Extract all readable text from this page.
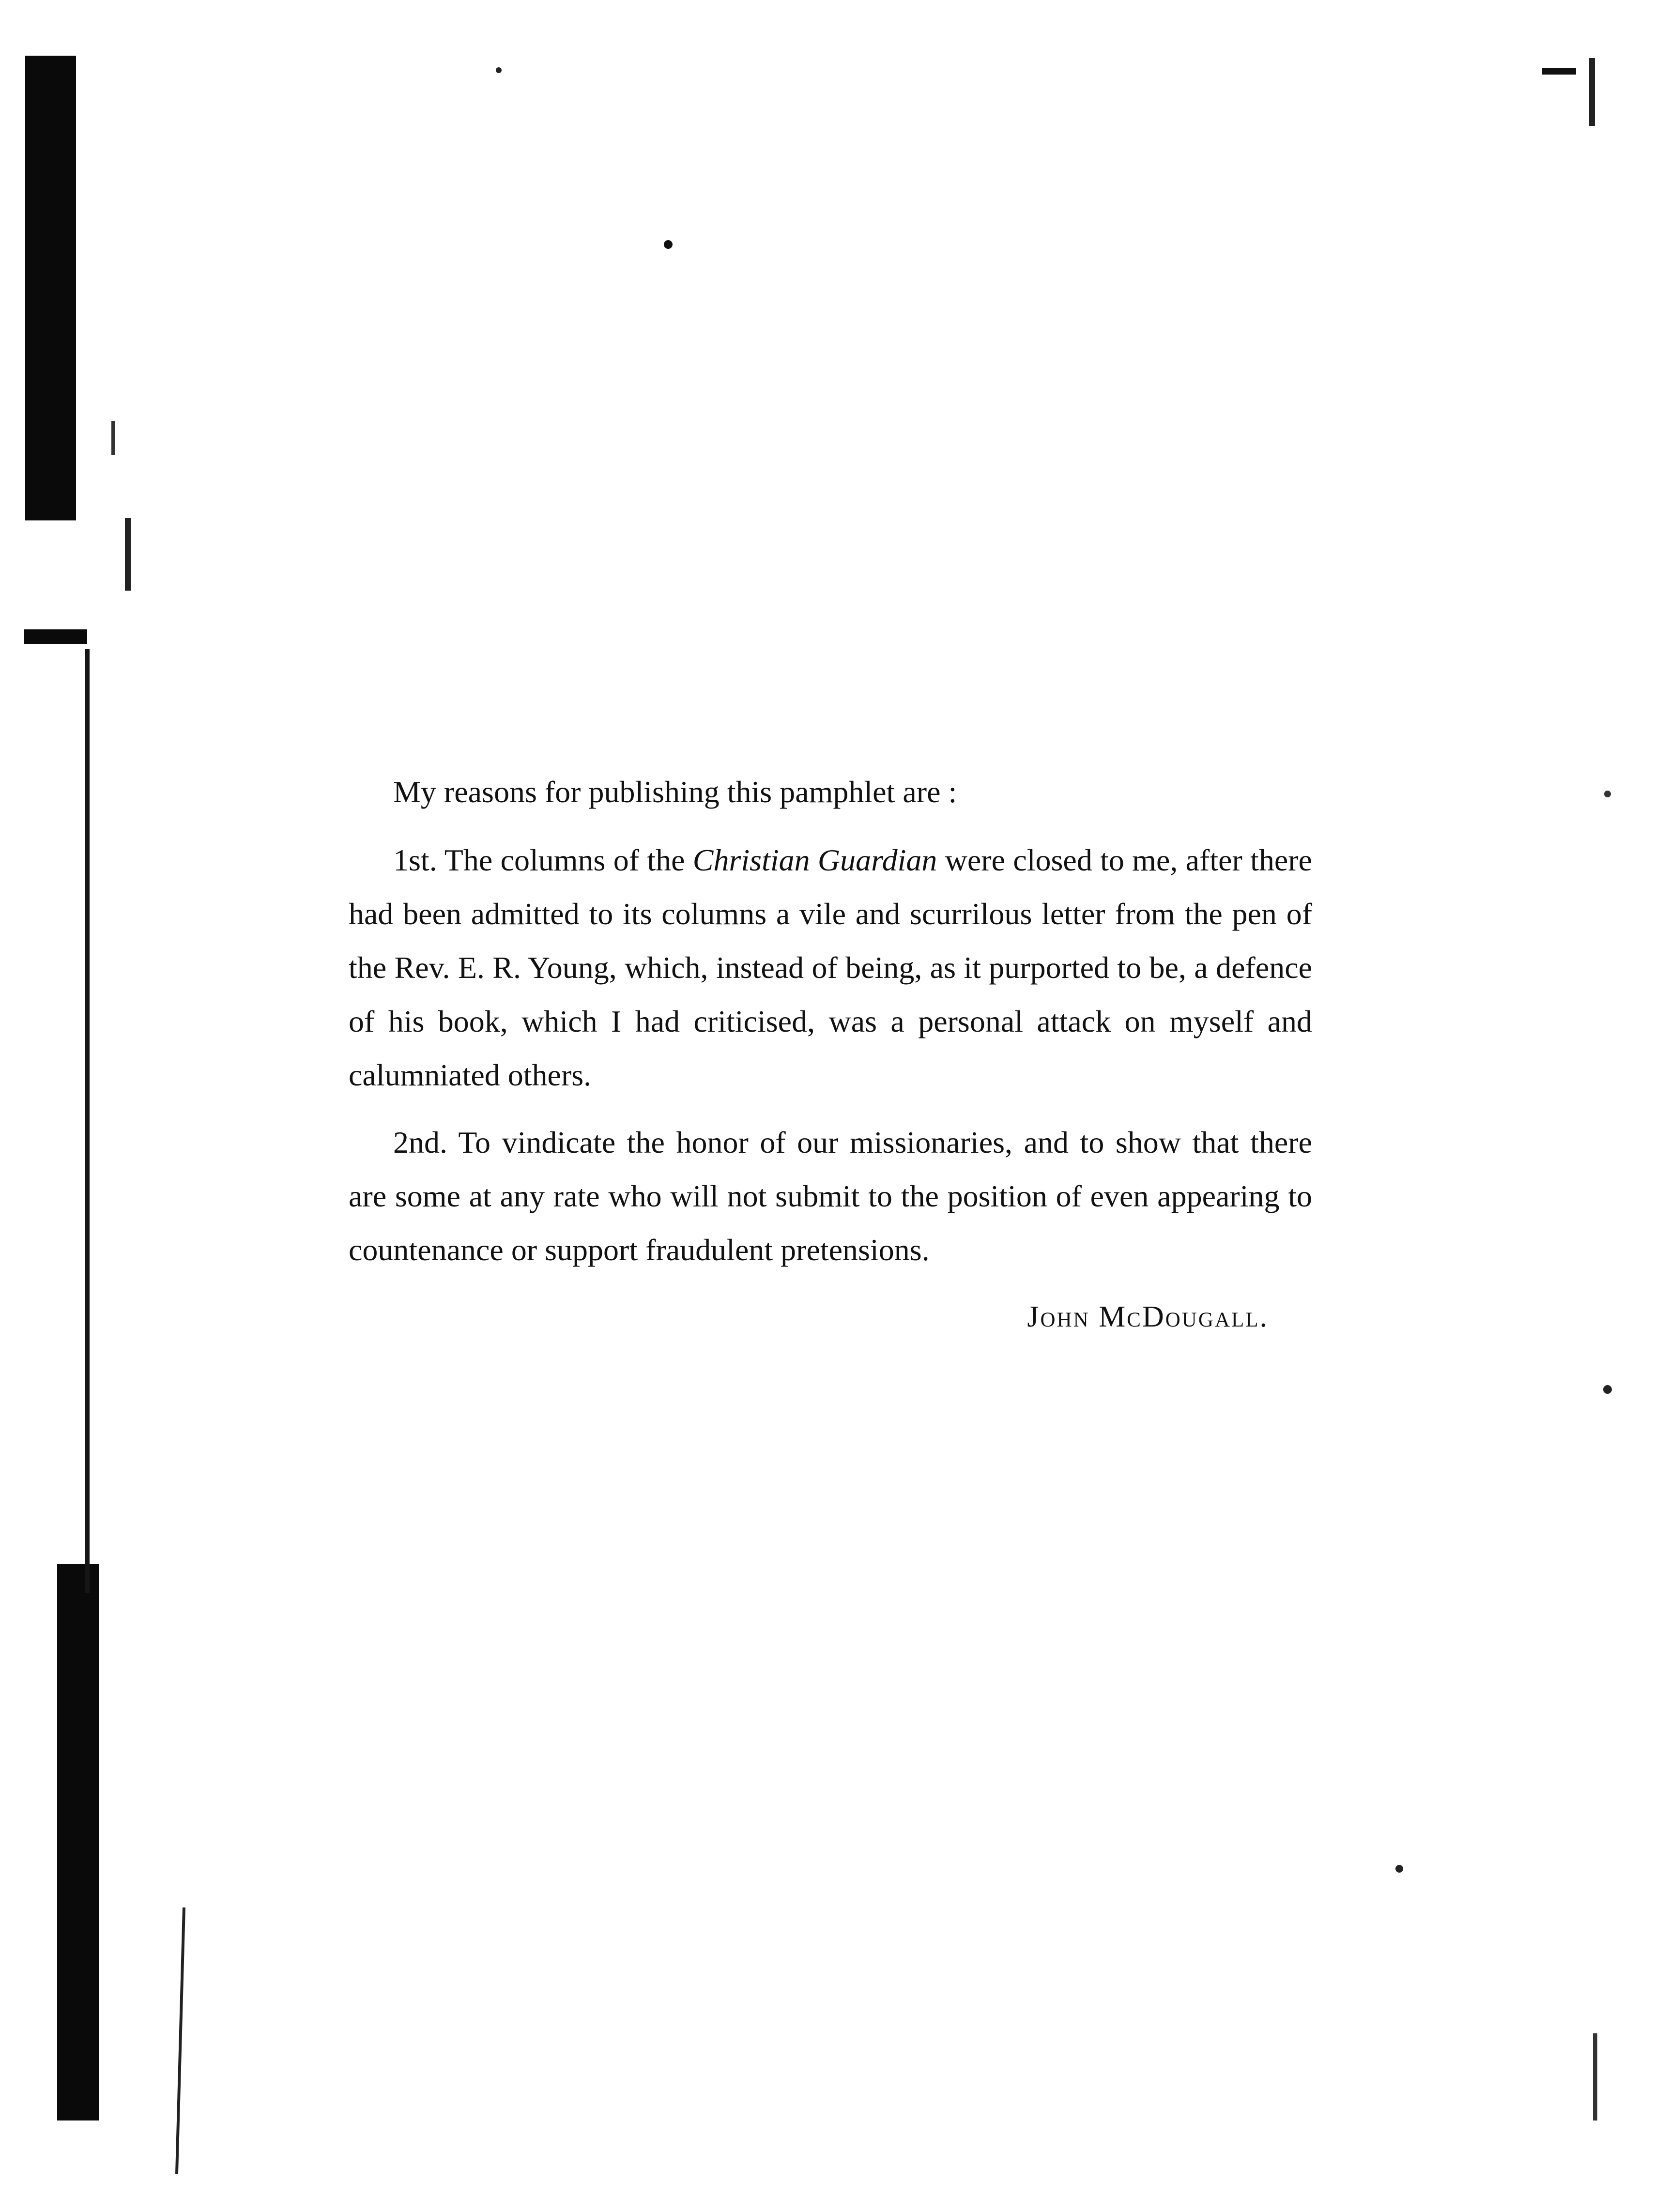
My reasons for publishing this pamphlet are :

1st. The columns of the Christian Guardian were closed to me, after there had been admitted to its columns a vile and scurrilous letter from the pen of the Rev. E. R. Young, which, instead of being, as it purported to be, a defence of his book, which I had criticised, was a personal attack on myself and calumniated others.

2nd. To vindicate the honor of our missionaries, and to show that there are some at any rate who will not submit to the position of even appearing to countenance or support fraudulent pretensions.

John McDougall.
